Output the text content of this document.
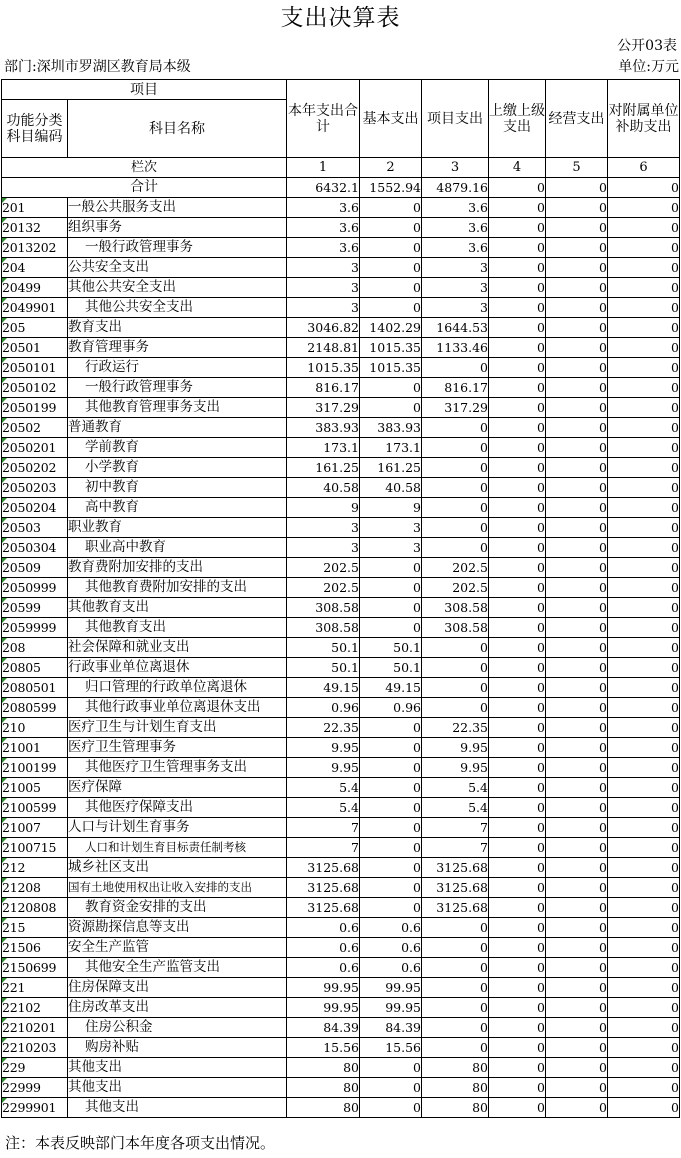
支出决算表
公开03表
部门:深圳市罗湖区教育局本级	单位:万元
项目		本年支出合计	基本支出	项目支出	上缴上级支出	经营支出	对附属单位补助支出
功能分类科目编码	科目名称						
栏次		1	2	3	4	5	6
合计		6432.1	1552.94	4879.16	0	0	0
201	一般公共服务支出	3.6	0	3.6	0	0	0
20132	组织事务	3.6	0	3.6	0	0	0
2013202	一般行政管理事务	3.6	0	3.6	0	0	0
204	公共安全支出	3	0	3	0	0	0
20499	其他公共安全支出	3	0	3	0	0	0
2049901	其他公共安全支出	3	0	3	0	0	0
205	教育支出	3046.82	1402.29	1644.53	0	0	0
20501	教育管理事务	2148.81	1015.35	1133.46	0	0	0
2050101	行政运行	1015.35	1015.35	0	0	0	0
2050102	一般行政管理事务	816.17	0	816.17	0	0	0
2050199	其他教育管理事务支出	317.29	0	317.29	0	0	0
20502	普通教育	383.93	383.93	0	0	0	0
2050201	学前教育	173.1	173.1	0	0	0	0
2050202	小学教育	161.25	161.25	0	0	0	0
2050203	初中教育	40.58	40.58	0	0	0	0
2050204	高中教育	9	9	0	0	0	0
20503	职业教育	3	3	0	0	0	0
2050304	职业高中教育	3	3	0	0	0	0
20509	教育费附加安排的支出	202.5	0	202.5	0	0	0
2050999	其他教育费附加安排的支出	202.5	0	202.5	0	0	0
20599	其他教育支出	308.58	0	308.58	0	0	0
2059999	其他教育支出	308.58	0	308.58	0	0	0
208	社会保障和就业支出	50.1	50.1	0	0	0	0
20805	行政事业单位离退休	50.1	50.1	0	0	0	0
2080501	归口管理的行政单位离退休	49.15	49.15	0	0	0	0
2080599	其他行政事业单位离退休支出	0.96	0.96	0	0	0	0
210	医疗卫生与计划生育支出	22.35	0	22.35	0	0	0
21001	医疗卫生管理事务	9.95	0	9.95	0	0	0
2100199	其他医疗卫生管理事务支出	9.95	0	9.95	0	0	0
21005	医疗保障	5.4	0	5.4	0	0	0
2100599	其他医疗保障支出	5.4	0	5.4	0	0	0
21007	人口与计划生育事务	7	0	7	0	0	0
2100715	人口和计划生育目标责任制考核	7	0	7	0	0	0
212	城乡社区支出	3125.68	0	3125.68	0	0	0
21208	国有土地使用权出让收入安排的支出	3125.68	0	3125.68	0	0	0
2120808	教育资金安排的支出	3125.68	0	3125.68	0	0	0
215	资源勘探信息等支出	0.6	0.6	0	0	0	0
21506	安全生产监管	0.6	0.6	0	0	0	0
2150699	其他安全生产监管支出	0.6	0.6	0	0	0	0
221	住房保障支出	99.95	99.95	0	0	0	0
22102	住房改革支出	99.95	99.95	0	0	0	0
2210201	住房公积金	84.39	84.39	0	0	0	0
2210203	购房补贴	15.56	15.56	0	0	0	0
229	其他支出	80	0	80	0	0	0
22999	其他支出	80	0	80	0	0	0
2299901	其他支出	80	0	80	0	0	0
注：本表反映部门本年度各项支出情况。
